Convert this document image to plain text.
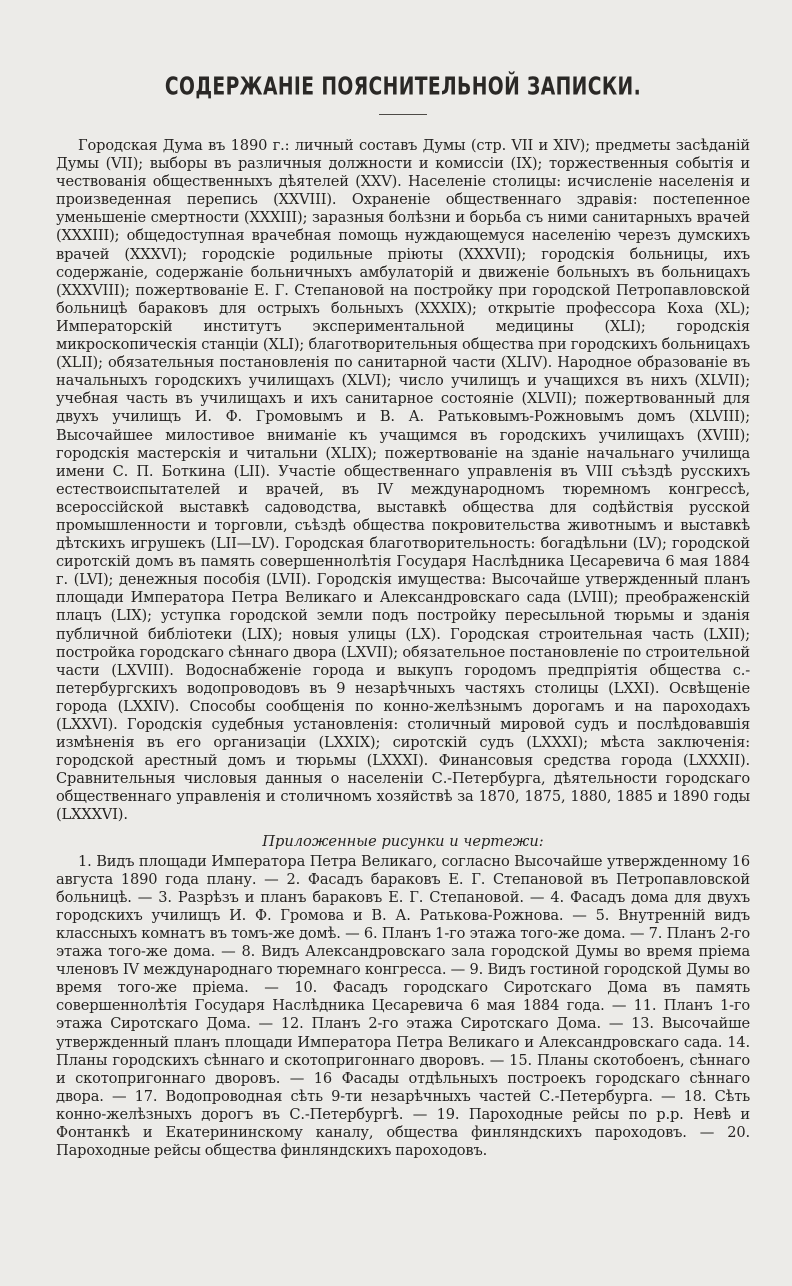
СОДЕРЖАНІЕ ПОЯСНИТЕЛЬНОЙ ЗАПИСКИ.

Городская Дума въ 1890 г.: личный составъ Думы (стр. VII и XIV); предметы засѣданій Думы (VII); выборы въ различныя должности и комиссіи (IX); торжественныя событія и чествованія общественныхъ дѣятелей (XXV). Населеніе столицы: исчисленіе населенія и произведенная перепись (XXVIII). Охраненіе общественнаго здравія: постепенное уменьшеніе смертности (XXXIII); заразныя болѣзни и борьба съ ними санитарныхъ врачей (XXXIII); общедоступная врачебная помощь нуждающемуся населенію черезъ думскихъ врачей (XXXVI); городскіе родильные пріюты (XXXVII); городскія больницы, ихъ содержаніе, содержаніе больничныхъ амбулаторій и движеніе больныхъ въ больницахъ (XXXVIII); пожертвованіе Е. Г. Степановой на постройку при городской Петропавловской больницѣ бараковъ для острыхъ больныхъ (XXXIX); открытіе профессора Коха (XL); Императорскій институтъ экспериментальной медицины (XLI); городскія микроскопическія станціи (XLI); благотворительныя общества при городскихъ больницахъ (XLII); обязательныя постановленія по санитарной части (XLIV). Народное образованіе въ начальныхъ городскихъ училищахъ (XLVI); число училищъ и учащихся въ нихъ (XLVII); учебная часть въ училищахъ и ихъ санитарное состояніе (XLVII); пожертвованный для двухъ училищъ И. Ф. Громовымъ и В. А. Ратьковымъ-Рожновымъ домъ (XLVIII); Высочайшее милостивое вниманіе къ учащимся въ городскихъ училищахъ (XVIII); городскія мастерскія и читальни (XLIX); пожертвованіе на зданіе начальнаго училища имени С. П. Боткина (LII). Участіе общественнаго управленія въ VIII съѣздѣ русскихъ естествоиспытателей и врачей, въ IV международномъ тюремномъ конгрессѣ, всероссійской выставкѣ садоводства, выставкѣ общества для содѣйствія русской промышленности и торговли, съѣздѣ общества покровительства животнымъ и выставкѣ дѣтскихъ игрушекъ (LII—LV). Городская благотворительность: богадѣльни (LV); городской сиротскій домъ въ память совершеннолѣтія Государя Наслѣдника Цесаревича 6 мая 1884 г. (LVI); денежныя пособія (LVII). Городскія имущества: Высочайше утвержденный планъ площади Императора Петра Великаго и Александровскаго сада (LVIII); преображенскій плацъ (LIX); уступка городской земли подъ постройку пересыльной тюрьмы и зданія публичной библіотеки (LIX); новыя улицы (LX). Городская строительная часть (LXII); постройка городскаго сѣннаго двора (LXVII); обязательное постановленіе по строительной части (LXVIII). Водоснабженіе города и выкупъ городомъ предпріятія общества с.-петербургскихъ водопроводовъ въ 9 незарѣчныхъ частяхъ столицы (LXXI). Освѣщеніе города (LXXIV). Способы сообщенія по конно-желѣзнымъ дорогамъ и на пароходахъ (LXXVI). Городскія судебныя установленія: столичный мировой судъ и послѣдовавшія измѣненія въ его организаціи (LXXIX); сиротскій судъ (LXXXI); мѣста заключенія: городской арестный домъ и тюрьмы (LXXXI). Финансовыя средства города (LXXXII). Сравнительныя числовыя данныя о населеніи С.-Петербурга, дѣятельности городскаго общественнаго управленія и столичномъ хозяйствѣ за 1870, 1875, 1880, 1885 и 1890 годы (LXXXVI).

Приложенные рисунки и чертежи:

1. Видъ площади Императора Петра Великаго, согласно Высочайше утвержденному 16 августа 1890 года плану. — 2. Фасадъ бараковъ Е. Г. Степановой въ Петропавловской больницѣ. — 3. Разрѣзъ и планъ бараковъ Е. Г. Степановой. — 4. Фасадъ дома для двухъ городскихъ училищъ И. Ф. Громова и В. А. Ратькова-Рожнова. — 5. Внутренній видъ классныхъ комнатъ въ томъ-же домѣ. — 6. Планъ 1-го этажа того-же дома. — 7. Планъ 2-го этажа того-же дома. — 8. Видъ Александровскаго зала городской Думы во время пріема членовъ IV международнаго тюремнаго конгресса. — 9. Видъ гостиной городской Думы во время того-же пріема. — 10. Фасадъ городскаго Сиротскаго Дома въ память совершеннолѣтія Государя Наслѣдника Цесаревича 6 мая 1884 года. — 11. Планъ 1-го этажа Сиротскаго Дома. — 12. Планъ 2-го этажа Сиротскаго Дома. — 13. Высочайше утвержденный планъ площади Императора Петра Великаго и Александровскаго сада. 14. Планы городскихъ сѣннаго и скотопригоннаго дворовъ. — 15. Планы скотобоенъ, сѣннаго и скотопригоннаго дворовъ. — 16 Фасады отдѣльныхъ построекъ городскаго сѣннаго двора. — 17. Водопроводная сѣть 9-ти незарѣчныхъ частей С.-Петербурга. — 18. Сѣть конно-желѣзныхъ дорогъ въ С.-Петербургѣ. — 19. Пароходные рейсы по р.р. Невѣ и Фонтанкѣ и Екатерининскому каналу, общества финляндскихъ пароходовъ. — 20. Пароходные рейсы общества финляндскихъ пароходовъ.
